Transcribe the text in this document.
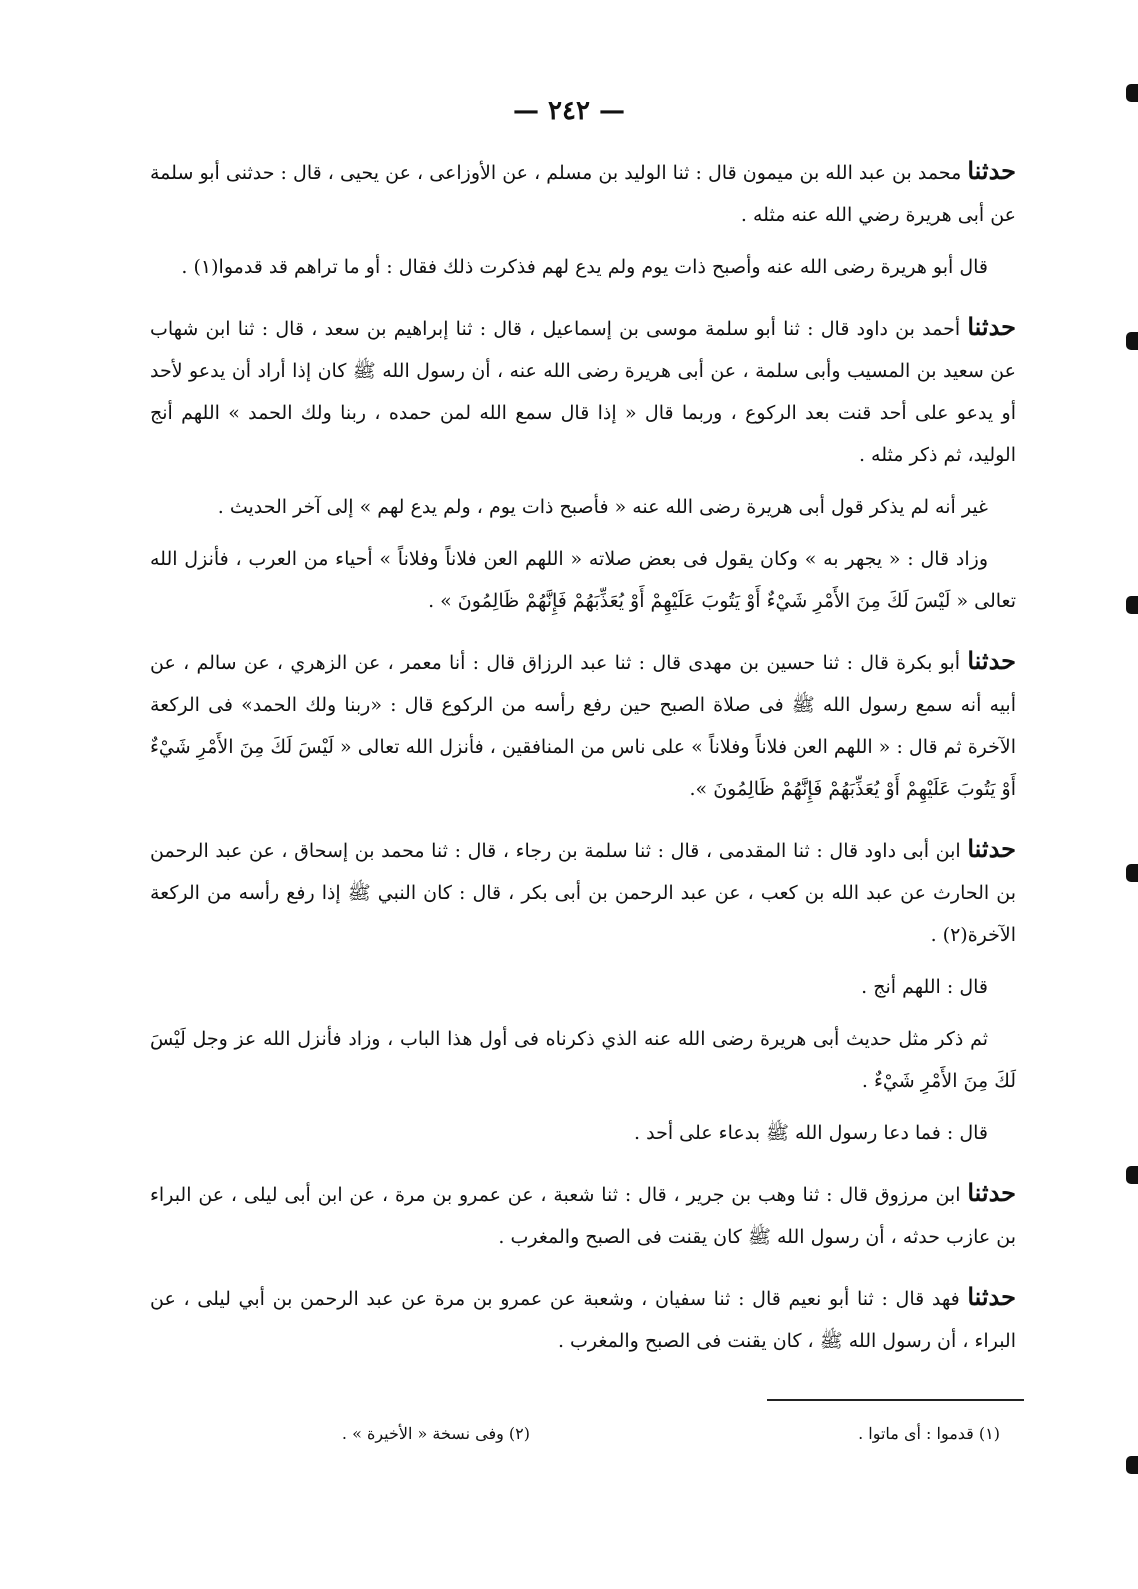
— ٢٤٢ —

حدثنا محمد بن عبد الله بن ميمون قال : ثنا الوليد بن مسلم ، عن الأوزاعى ، عن يحيى ، قال : حدثنى أبو سلمة عن أبى هريرة رضي الله عنه مثله .

قال أبو هريرة رضى الله عنه وأصبح ذات يوم ولم يدع لهم فذكرت ذلك فقال : أو ما تراهم قد قدموا(١) .

حدثنا أحمد بن داود قال : ثنا أبو سلمة موسى بن إسماعيل ، قال : ثنا إبراهيم بن سعد ، قال : ثنا ابن شهاب عن سعيد بن المسيب وأبى سلمة ، عن أبى هريرة رضى الله عنه ، أن رسول الله ﷺ كان إذا أراد أن يدعو لأحد أو يدعو على أحد قنت بعد الركوع ، وربما قال « إذا قال سمع الله لمن حمده ، ربنا ولك الحمد » اللهم أنج الوليد، ثم ذكر مثله .

غير أنه لم يذكر قول أبى هريرة رضى الله عنه « فأصبح ذات يوم ، ولم يدع لهم » إلى آخر الحديث .

وزاد قال : « يجهر به » وكان يقول فى بعض صلاته « اللهم العن فلاناً وفلاناً » أحياء من العرب ، فأنزل الله تعالى « لَيْسَ لَكَ مِنَ الأَمْرِ شَيْءٌ أَوْ يَتُوبَ عَلَيْهِمْ أَوْ يُعَذِّبَهُمْ فَإِنَّهُمْ ظَالِمُونَ » .

حدثنا أبو بكرة قال : ثنا حسين بن مهدى قال : ثنا عبد الرزاق قال : أنا معمر ، عن الزهري ، عن سالم ، عن أبيه أنه سمع رسول الله ﷺ فى صلاة الصبح حين رفع رأسه من الركوع قال : «ربنا ولك الحمد» فى الركعة الآخرة ثم قال : « اللهم العن فلاناً وفلاناً » على ناس من المنافقين ، فأنزل الله تعالى « لَيْسَ لَكَ مِنَ الأَمْرِ شَيْءٌ أَوْ يَتُوبَ عَلَيْهِمْ أَوْ يُعَذِّبَهُمْ فَإِنَّهُمْ ظَالِمُونَ ».

حدثنا ابن أبى داود قال : ثنا المقدمى ، قال : ثنا سلمة بن رجاء ، قال : ثنا محمد بن إسحاق ، عن عبد الرحمن بن الحارث عن عبد الله بن كعب ، عن عبد الرحمن بن أبى بكر ، قال : كان النبي ﷺ إذا رفع رأسه من الركعة الآخرة(٢) .

قال : اللهم أنج .

ثم ذكر مثل حديث أبى هريرة رضى الله عنه الذي ذكرناه فى أول هذا الباب ، وزاد فأنزل الله عز وجل لَيْسَ لَكَ مِنَ الأَمْرِ شَيْءٌ .

قال : فما دعا رسول الله ﷺ بدعاء على أحد .

حدثنا ابن مرزوق قال : ثنا وهب بن جرير ، قال : ثنا شعبة ، عن عمرو بن مرة ، عن ابن أبى ليلى ، عن البراء بن عازب حدثه ، أن رسول الله ﷺ كان يقنت فى الصبح والمغرب .

حدثنا فهد قال : ثنا أبو نعيم قال : ثنا سفيان ، وشعبة عن عمرو بن مرة عن عبد الرحمن بن أبي ليلى ، عن البراء ، أن رسول الله ﷺ ، كان يقنت فى الصبح والمغرب .

(١) قدموا : أى ماتوا .
(٢) وفى نسخة « الأخيرة » .
